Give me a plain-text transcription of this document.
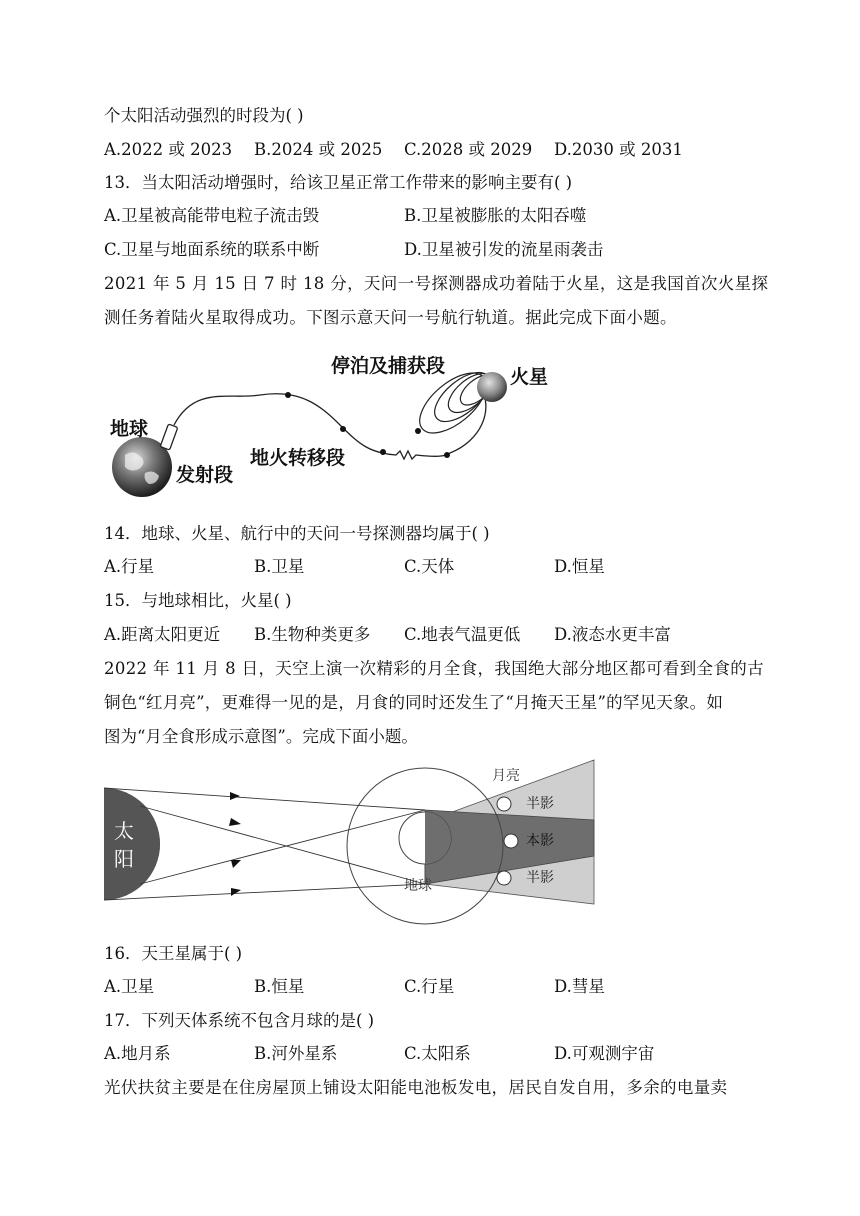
个太阳活动强烈的时段为( )
A.2022 或 2023 B.2024 或 2025 C.2028 或 2029 D.2030 或 2031
13．当太阳活动增强时，给该卫星正常工作带来的影响主要有( )
A.卫星被高能带电粒子流击毁	B.卫星被膨胀的太阳吞噬
C.卫星与地面系统的联系中断	D.卫星被引发的流星雨袭击
2021 年 5 月 15 日 7 时 18 分，天问一号探测器成功着陆于火星，这是我国首次火星探
测任务着陆火星取得成功。下图示意天问一号航行轨道。据此完成下面小题。
地球
发射段
地火转移段
停泊及捕获段	火星
14．地球、火星、航行中的天问一号探测器均属于( )
A.行星	B.卫星	C.天体	D.恒星
15．与地球相比，火星( )
A.距离太阳更近 B.生物种类更多 C.地表气温更低 D.液态水更丰富
2022 年 11 月 8 日，天空上演一次精彩的月全食，我国绝大部分地区都可看到全食的古
铜色“红月亮”，更难得一见的是，月食的同时还发生了“月掩天王星”的罕见天象。如
图为“月全食形成示意图”。完成下面小题。
太
阳
月亮
半影
本影
半影
地球
16．天王星属于( )
A.卫星	B.恒星	C.行星	D.彗星
17．下列天体系统不包含月球的是( )
A.地月系	B.河外星系	C.太阳系	D.可观测宇宙
光伏扶贫主要是在住房屋顶上铺设太阳能电池板发电，居民自发自用，多余的电量卖
